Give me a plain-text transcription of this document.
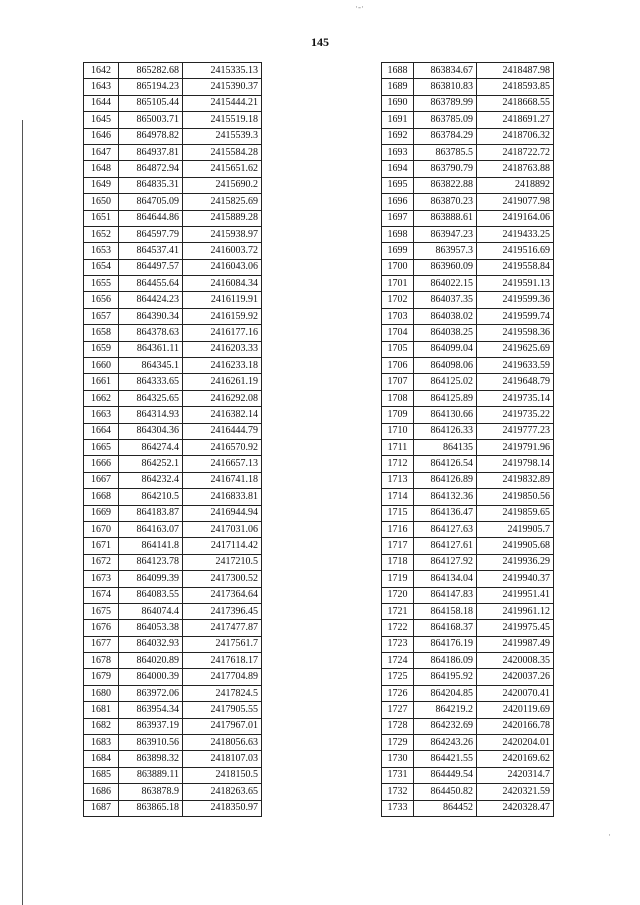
145
·-·
·
1642	865282.68	2415335.13
1643	865194.23	2415390.37
1644	865105.44	2415444.21
1645	865003.71	2415519.18
1646	864978.82	2415539.3
1647	864937.81	2415584.28
1648	864872.94	2415651.62
1649	864835.31	2415690.2
1650	864705.09	2415825.69
1651	864644.86	2415889.28
1652	864597.79	2415938.97
1653	864537.41	2416003.72
1654	864497.57	2416043.06
1655	864455.64	2416084.34
1656	864424.23	2416119.91
1657	864390.34	2416159.92
1658	864378.63	2416177.16
1659	864361.11	2416203.33
1660	864345.1	2416233.18
1661	864333.65	2416261.19
1662	864325.65	2416292.08
1663	864314.93	2416382.14
1664	864304.36	2416444.79
1665	864274.4	2416570.92
1666	864252.1	2416657.13
1667	864232.4	2416741.18
1668	864210.5	2416833.81
1669	864183.87	2416944.94
1670	864163.07	2417031.06
1671	864141.8	2417114.42
1672	864123.78	2417210.5
1673	864099.39	2417300.52
1674	864083.55	2417364.64
1675	864074.4	2417396.45
1676	864053.38	2417477.87
1677	864032.93	2417561.7
1678	864020.89	2417618.17
1679	864000.39	2417704.89
1680	863972.06	2417824.5
1681	863954.34	2417905.55
1682	863937.19	2417967.01
1683	863910.56	2418056.63
1684	863898.32	2418107.03
1685	863889.11	2418150.5
1686	863878.9	2418263.65
1687	863865.18	2418350.97
1688	863834.67	2418487.98
1689	863810.83	2418593.85
1690	863789.99	2418668.55
1691	863785.09	2418691.27
1692	863784.29	2418706.32
1693	863785.5	2418722.72
1694	863790.79	2418763.88
1695	863822.88	2418892
1696	863870.23	2419077.98
1697	863888.61	2419164.06
1698	863947.23	2419433.25
1699	863957.3	2419516.69
1700	863960.09	2419558.84
1701	864022.15	2419591.13
1702	864037.35	2419599.36
1703	864038.02	2419599.74
1704	864038.25	2419598.36
1705	864099.04	2419625.69
1706	864098.06	2419633.59
1707	864125.02	2419648.79
1708	864125.89	2419735.14
1709	864130.66	2419735.22
1710	864126.33	2419777.23
1711	864135	2419791.96
1712	864126.54	2419798.14
1713	864126.89	2419832.89
1714	864132.36	2419850.56
1715	864136.47	2419859.65
1716	864127.63	2419905.7
1717	864127.61	2419905.68
1718	864127.92	2419936.29
1719	864134.04	2419940.37
1720	864147.83	2419951.41
1721	864158.18	2419961.12
1722	864168.37	2419975.45
1723	864176.19	2419987.49
1724	864186.09	2420008.35
1725	864195.92	2420037.26
1726	864204.85	2420070.41
1727	864219.2	2420119.69
1728	864232.69	2420166.78
1729	864243.26	2420204.01
1730	864421.55	2420169.62
1731	864449.54	2420314.7
1732	864450.82	2420321.59
1733	864452	2420328.47
